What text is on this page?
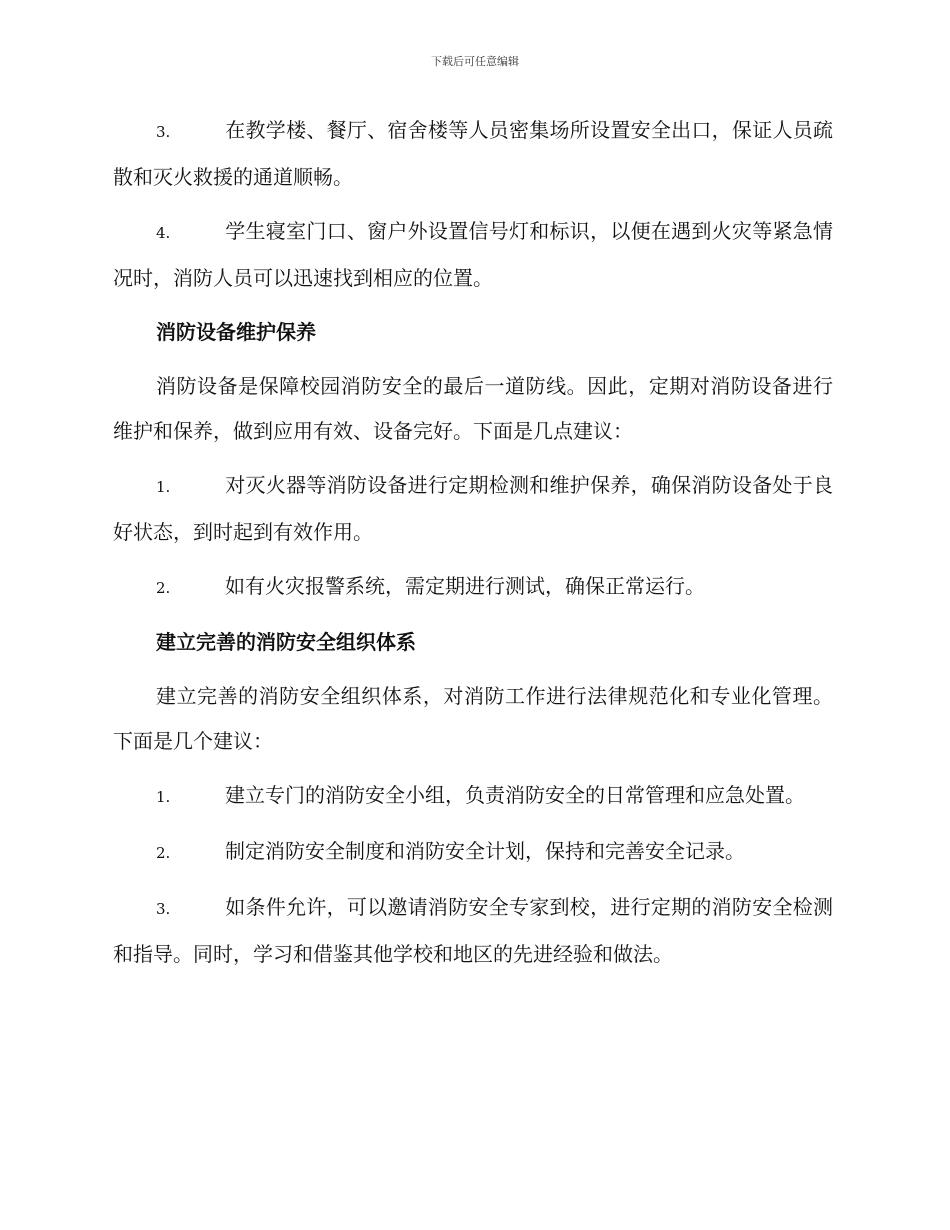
下载后可任意编辑

3.	在教学楼、餐厅、宿舍楼等人员密集场所设置安全出口，保证人员疏散和灭火救援的通道顺畅。

4.	学生寝室门口、窗户外设置信号灯和标识，以便在遇到火灾等紧急情况时，消防人员可以迅速找到相应的位置。

消防设备维护保养

消防设备是保障校园消防安全的最后一道防线。因此，定期对消防设备进行维护和保养，做到应用有效、设备完好。下面是几点建议：

1.	对灭火器等消防设备进行定期检测和维护保养，确保消防设备处于良好状态，到时起到有效作用。

2.	如有火灾报警系统，需定期进行测试，确保正常运行。

建立完善的消防安全组织体系

建立完善的消防安全组织体系，对消防工作进行法律规范化和专业化管理。下面是几个建议：

1.	建立专门的消防安全小组，负责消防安全的日常管理和应急处置。

2.	制定消防安全制度和消防安全计划，保持和完善安全记录。

3.	如条件允许，可以邀请消防安全专家到校，进行定期的消防安全检测和指导。同时，学习和借鉴其他学校和地区的先进经验和做法。
